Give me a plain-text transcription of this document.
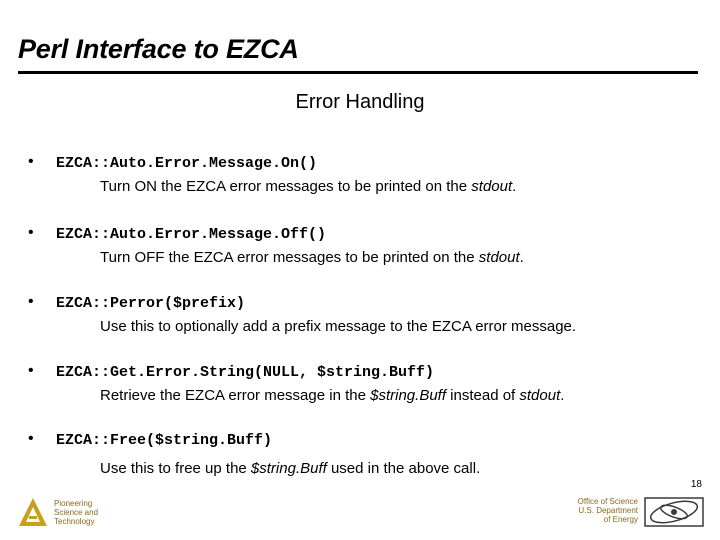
Perl Interface to EZCA
Error Handling
• EZCA::Auto.Error.Message.On()
Turn ON the EZCA error messages to be printed on the stdout.
• EZCA::Auto.Error.Message.Off()
Turn OFF the EZCA error messages to be printed on the stdout.
• EZCA::Perror($prefix)
Use this to optionally add a prefix message to the EZCA error message.
• EZCA::Get.Error.String(NULL, $string.Buff)
Retrieve the EZCA error message in the $string.Buff instead of stdout.
• EZCA::Free($string.Buff)
Use this to free up the $string.Buff used in the above call.
18
Pioneering
Science and
Technology
Office of Science
U.S. Department
of Energy
